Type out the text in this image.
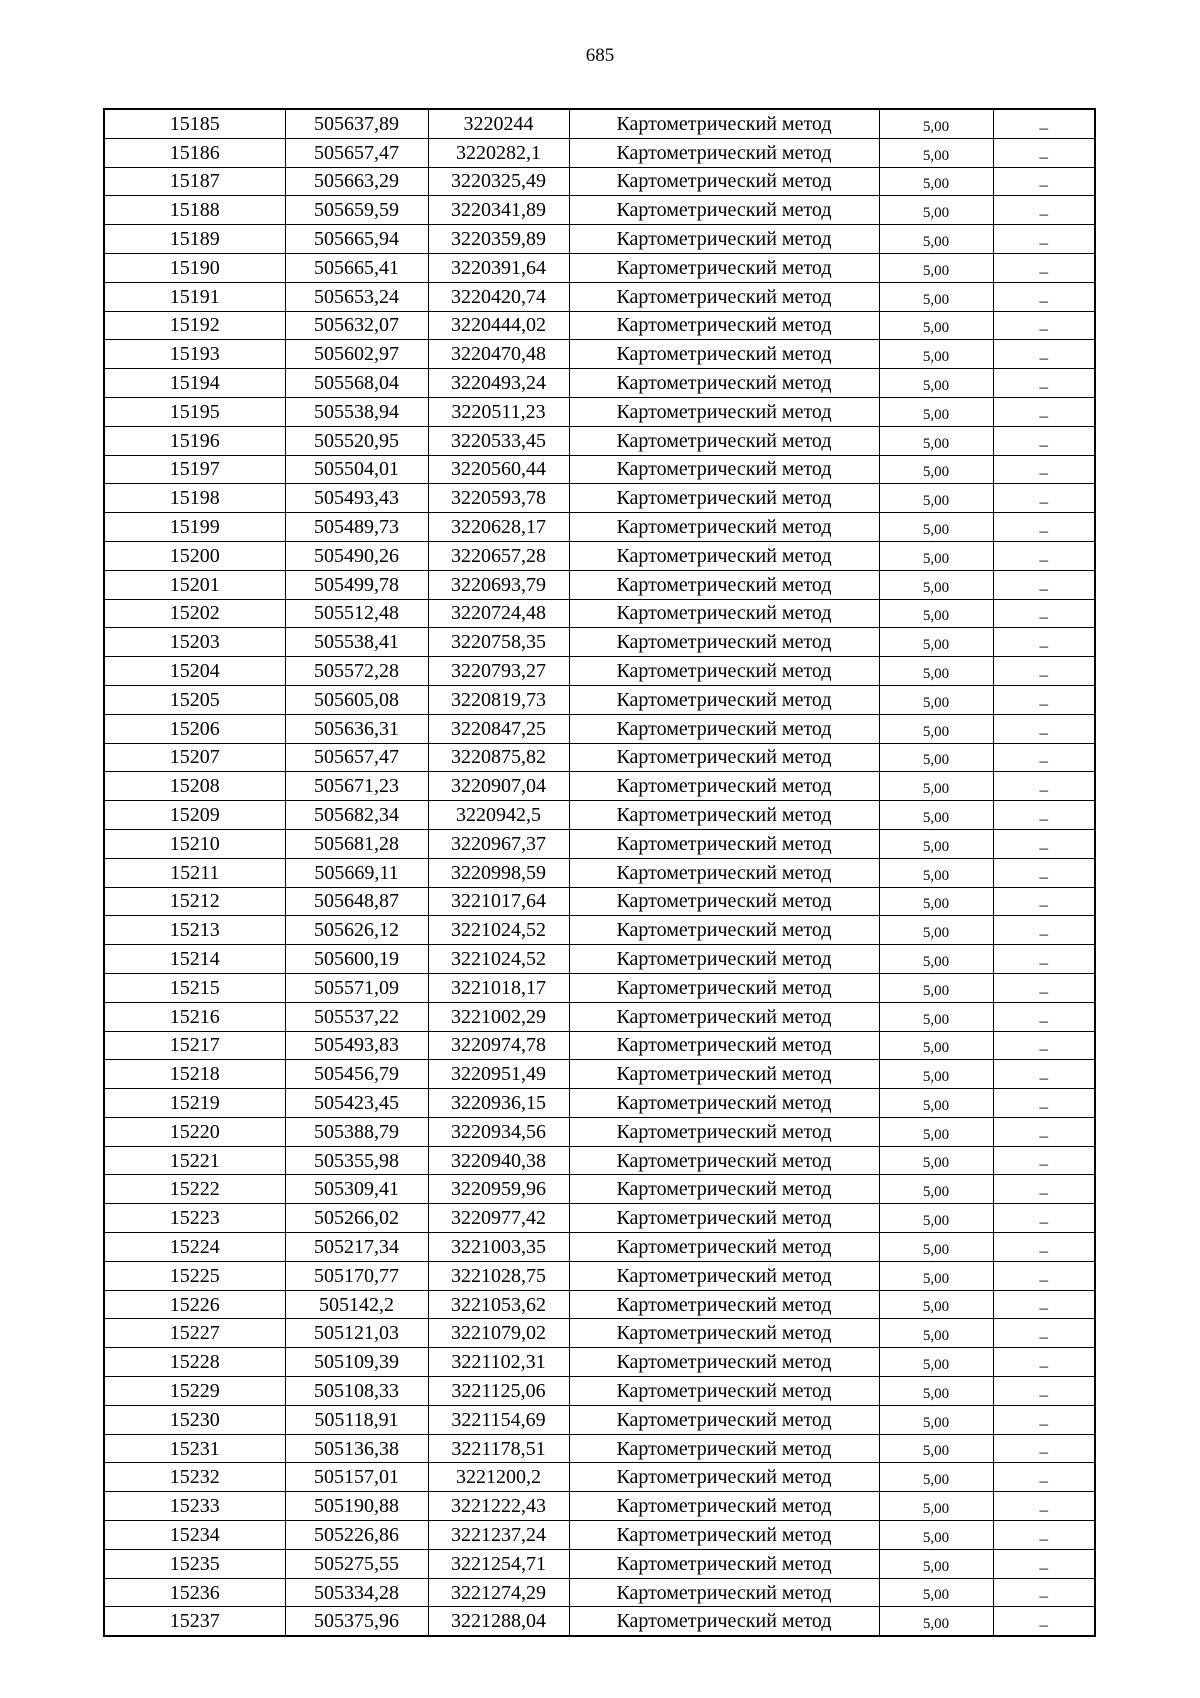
685
15185	505637,89	3220244	Картометрический метод	5,00	–
15186	505657,47	3220282,1	Картометрический метод	5,00	–
15187	505663,29	3220325,49	Картометрический метод	5,00	–
15188	505659,59	3220341,89	Картометрический метод	5,00	–
15189	505665,94	3220359,89	Картометрический метод	5,00	–
15190	505665,41	3220391,64	Картометрический метод	5,00	–
15191	505653,24	3220420,74	Картометрический метод	5,00	–
15192	505632,07	3220444,02	Картометрический метод	5,00	–
15193	505602,97	3220470,48	Картометрический метод	5,00	–
15194	505568,04	3220493,24	Картометрический метод	5,00	–
15195	505538,94	3220511,23	Картометрический метод	5,00	–
15196	505520,95	3220533,45	Картометрический метод	5,00	–
15197	505504,01	3220560,44	Картометрический метод	5,00	–
15198	505493,43	3220593,78	Картометрический метод	5,00	–
15199	505489,73	3220628,17	Картометрический метод	5,00	–
15200	505490,26	3220657,28	Картометрический метод	5,00	–
15201	505499,78	3220693,79	Картометрический метод	5,00	–
15202	505512,48	3220724,48	Картометрический метод	5,00	–
15203	505538,41	3220758,35	Картометрический метод	5,00	–
15204	505572,28	3220793,27	Картометрический метод	5,00	–
15205	505605,08	3220819,73	Картометрический метод	5,00	–
15206	505636,31	3220847,25	Картометрический метод	5,00	–
15207	505657,47	3220875,82	Картометрический метод	5,00	–
15208	505671,23	3220907,04	Картометрический метод	5,00	–
15209	505682,34	3220942,5	Картометрический метод	5,00	–
15210	505681,28	3220967,37	Картометрический метод	5,00	–
15211	505669,11	3220998,59	Картометрический метод	5,00	–
15212	505648,87	3221017,64	Картометрический метод	5,00	–
15213	505626,12	3221024,52	Картометрический метод	5,00	–
15214	505600,19	3221024,52	Картометрический метод	5,00	–
15215	505571,09	3221018,17	Картометрический метод	5,00	–
15216	505537,22	3221002,29	Картометрический метод	5,00	–
15217	505493,83	3220974,78	Картометрический метод	5,00	–
15218	505456,79	3220951,49	Картометрический метод	5,00	–
15219	505423,45	3220936,15	Картометрический метод	5,00	–
15220	505388,79	3220934,56	Картометрический метод	5,00	–
15221	505355,98	3220940,38	Картометрический метод	5,00	–
15222	505309,41	3220959,96	Картометрический метод	5,00	–
15223	505266,02	3220977,42	Картометрический метод	5,00	–
15224	505217,34	3221003,35	Картометрический метод	5,00	–
15225	505170,77	3221028,75	Картометрический метод	5,00	–
15226	505142,2	3221053,62	Картометрический метод	5,00	–
15227	505121,03	3221079,02	Картометрический метод	5,00	–
15228	505109,39	3221102,31	Картометрический метод	5,00	–
15229	505108,33	3221125,06	Картометрический метод	5,00	–
15230	505118,91	3221154,69	Картометрический метод	5,00	–
15231	505136,38	3221178,51	Картометрический метод	5,00	–
15232	505157,01	3221200,2	Картометрический метод	5,00	–
15233	505190,88	3221222,43	Картометрический метод	5,00	–
15234	505226,86	3221237,24	Картометрический метод	5,00	–
15235	505275,55	3221254,71	Картометрический метод	5,00	–
15236	505334,28	3221274,29	Картометрический метод	5,00	–
15237	505375,96	3221288,04	Картометрический метод	5,00	–
